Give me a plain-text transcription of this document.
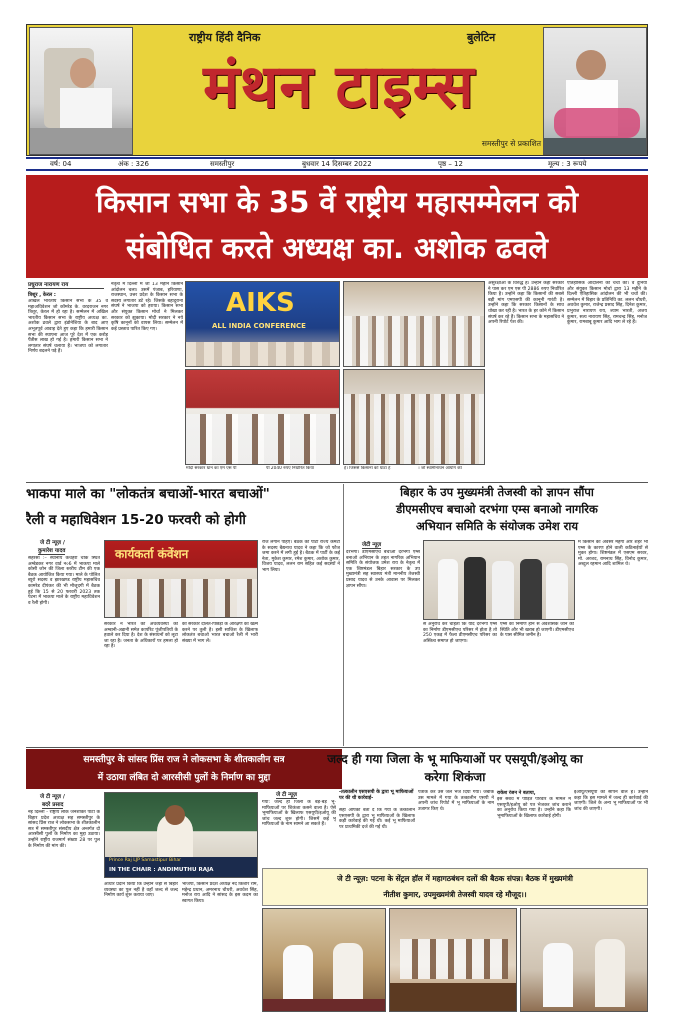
राष्ट्रीय हिंदी दैनिक	बुलेटिन
मंथन टाइम्स
समस्तीपुर से प्रकाशित
वर्ष: 04	अंक : 326	समस्तीपुर	बुधवार 14 दिसम्बर 2022	पृष्ठ – 12	मूल्य : 3 रूपये
किसान सभा के 35 वें राष्ट्रीय महासम्मेलन को
संबोधित करते अध्यक्ष का. अशोक ढवले
प्रधुराज नारायण राय
त्रिशूर , केरल :
अखिल भारतीय किसान सभा के 35 वें महाअधिवेशन जो कॉमरेड के. वरदराजन नगर त्रिशूर, केरल में हो रहा है। सम्मेलन में अखिल भारतीय किसान सभा के राष्ट्रीय अध्यक्ष का. अशोक ढवले द्वारा इंडोनेशिया के बाद आए अभूतपूर्व आवाह देते हुए कहा कि हमारी किसान सभा की स्थापना आज पूरे देश में एक करोड़ पैंतीस लाख हो गई है। हमारी किसान सभा ने लगातार संघर्ष चलाया है। भाजपा को लगातार निर्णय बदलने पड़े हैं।
नेतृत्व में दिल्ली में जो 13 महीने किसान आंदोलन चला। उसमें पंजाब, हरियाणा, राजस्थान, उत्तर प्रदेश के किसान सभा के सदस्य लगातार डटे रहे। जिसके बहादुराना संघर्ष ने भाजपा को हराया। किसान सभा और संयुक्त किसान मोर्चा ने मिलकर सरकार को झुकाया। मोदी सरकार ने नये कृषि कानूनों को वापस लिया। सम्मेलन में कई प्रस्ताव पारित किए गए।
AIKS
ALL INDIA CONFERENCE
मोदी सरकार धान का एम एस पी	पी 2040 रुपए निर्धारित किया	है। जिससे किसानों को घाटा है	। जो स्वामीनाथन आयोग की
असुरक्षाओं के विरुद्ध है। उन्होंने कहा सरकार ने पास कर एम एस पी 2886 रुपए निर्धारित किया है। उन्होंने कहा कि किसानों की सबसे बड़ी मांग एमएसपी की कानूनी गारंटी है। उन्होंने कहा कि सरकार किसानों के साथ धोखा कर रही है। भारत के हर कोने में किसान संघर्ष कर रहे हैं। किसान सभा के महासचिव ने अपनी रिपोर्ट पेश की।
ऐतिहासिक आंदोलनों की चर्चा की। वे दुनिया और संयुक्त किसान मोर्चा द्वारा 13 महीने के दिल्ली ऐतिहासिक आंदोलन की भी चर्चा की। सम्मेलन में बिहार के प्रतिनिधि का. ललन चौधरी, अवधेश कुमार, राजेन्द्र प्रसाद सिंह, दिनेश कुमार, प्रभुराज नारायण राय, श्याम भारती, अजय कुमार, सत्य नारायण सिंह, रामचन्द्र सिंह, मनोज कुमार, रामबाबू कुमार आदि भाग ले रहे हैं।
भाकपा माले का "लोकतंत्र बचाओं-भारत बचाओं"
रैली व महाधिवेशन 15-20 फरवरी को होगी
जे टी न्यूज़ /
कुमारेश यादव
सहरसा :– स्थानीय कचहरी चौक स्थित अम्बेडकर नगर वार्ड न०6 में भाकपा माले कोसी जोन की जिला स्तरीय टीम की एक बैठक आयोजित किया गया। माले के पोलित ब्यूरो सदस्य व झारखण्ड राष्ट्रीय महासचिव कामरेड दीपंकर की भी मौजूदगी में बैठक हुई कि 15 से 20 फरवरी 2023 तक पटना में भाकपा माले के राष्ट्रीय महाधिवेशन व रैली होगी।
कार्यकर्ता कंवेंशन
सरकार ने भारत की अर्थव्यवस्था को अम्बानी-अडानी समेत कार्पोरेट पूंजीपतियों के हवाले कर दिया है। देश के संसाधनों को लूटा जा रहा है। जनता के अधिकारों पर हमला हो रहा है।
की सरकार दलित-पिछड़ों के आरक्षण को खत्म करने पर तुली है। इसी साजिश के खिलाफ लोकतंत्र बचाओ भारत बचाओ रैली में भारी संख्या में भाग लें।
रोज लगाने पहिएं। बैठक को पार्टी राज्य कमेटी के सदस्य बैद्यनाथ यादव ने कहा कि जो फौज जमा करने में लगी हुई है। बैठक में पार्टी के कई नेता, मुकेश कुमार, रमेश कुमार, अशोक कुमार, विजय यादव, ललन राम सहित कई सदस्यों ने भाग लिया।
बिहार के उप मुख्यमंत्री तेजस्वी को ज्ञापन सौंपा
डीएमसीएच बचाओ दरभंगा एम्स बनाओ नागरिक
अभियान समिति के संयोजक उमेश राय
जेटी न्यूज़
दरभंगा। डीएमसीएच बचाओ दरभंगा एम्स बनाओ अभियान के तहत नागरिक अभियान समिति के संयोजक उमेश राय के नेतृत्व में एक शिष्टमंडल बिहार सरकार के उप मुख्यमंत्री सह स्वास्थ्य मंत्री माननीय तेजस्वी प्रसाद यादव से उनके आवास पर मिलकर ज्ञापन सौंपा।
से अनुरोध कर चाहता कि यदि दरभंगा एम्स का निर्माण डीएमसीएच परिसर में होता है तो 250 एकड़ में फैला डीएमसीएच परिसर का अस्तित्व समाप्त हो जाएगा।
एम्स का निर्माण होने से अवशासक जान की स्थिति और भी खराब हो जाएगी। डीएमसीएच के पास सीमित जमीन है।
में किसान का अवसर महंगा और शहर भी एम्स के कारण होने वाली कठिनाईयों से मुक्त होगा। शिष्टमंडल में एसएम सरवर, मो. अरशद, रामनाथ सिंह, विनोद कुमार, अब्दुल रहमान आदि शामिल थे।
समस्तीपुर के सांसद प्रिंस राज ने लोकसभा के शीतकालीन सत्र
में उठाया लंबित दो आरसीसी पुलों के निर्माण का मुद्दा
जे टी न्यूज़ /
बदरे प्रसाद
नई दिल्ली - राष्ट्रीय लोक जनशक्ति पार्टी के बिहार प्रदेश अध्यक्ष सह समस्तीपुर के सांसद प्रिंस राज ने लोकसभा के शीतकालीन सत्र में समस्तीपुर संसदीय क्षेत्र अन्तर्गत दो आरसीसी पुलों के निर्माण का मुद्दा उठाया। उन्होंने राष्ट्रीय राजमार्ग संख्या 28 पर पुल के निर्माण की मांग की।
Prince Raj LJP Samastipur Bihar
IN THE CHAIR : ANDIMUTHU RAJA
आधार प्रदान किया कि उन्होंने जहाँ से बिहार व्यवस्था का पुल नहीं है वहाँ जल्द से जल्द निर्माण कार्य शुरू कराया जाए।
भाजपा, किसान प्रदेश अध्यक्ष नंद किशोर राम, महेन्द्र प्रधान, अमरनाथ चौधरी, अवधेश सिंह, मनोज राय आदि ने सांसद के इस कदम का स्वागत किया।
जल्द ही गया जिला के भू माफियाओं पर एसयूपी/इओयू का
करेगा शिकंजा
जे टी न्यूज़
गया: जल्द ही जिला के बड़े-बड़े भू-माफियाओं पर शिकंजा कसने वाला है। ऐसे भूमाफियाओं के खिलाफ एसयूपी/इओयू की जांच जल्द शुरू होगी। जिसमें कई भू माफियाओं के नाम सामने आ सकते हैं।
-तत्कालीन एसएसपी के द्वारा भू माफियाओं पर की थी कार्रवाई-
सही आपको बता दें कि गया के तत्कालीन एसएसपी के द्वारा भू माफियाओं के खिलाफ कड़ी कार्रवाई की गई थी। कई भू माफियाओं पर प्राथमिकी दर्ज की गई थी।
पत्रांक कर उसे जेल भेज दिया गया। जबकि उस मामले में गया के तत्कालीन एसपी ने अपनी जांच रिपोर्ट में भू माफियाओं के नाम उजागर किए थे।
राकेश रंजन ने बताया,
इस संबंध में पीड़ित परिवार के मामले में एसयूपी/इओयू को पत्र भेजकर जांच कराने का अनुरोध किया गया है। उन्होंने कहा कि भूमाफियाओं के खिलाफ कार्रवाई होगी।
इओयू/एसयूपी को सौंपने वाले हैं। उन्होंने कहा कि इस मामले में जल्द ही कार्रवाई की जाएगी। जिले के अन्य भू माफियाओं पर भी जांच की जाएगी।
जे टी न्यूज़: पटना के सेंट्रल हॉल में महागठबंधन दलों की बैठक संपन्न। बैठक में मुख्यमंत्री
नीतीश कुमार, उपमुख्यमंत्री तेजस्वी यादव रहे मौजूद।।
